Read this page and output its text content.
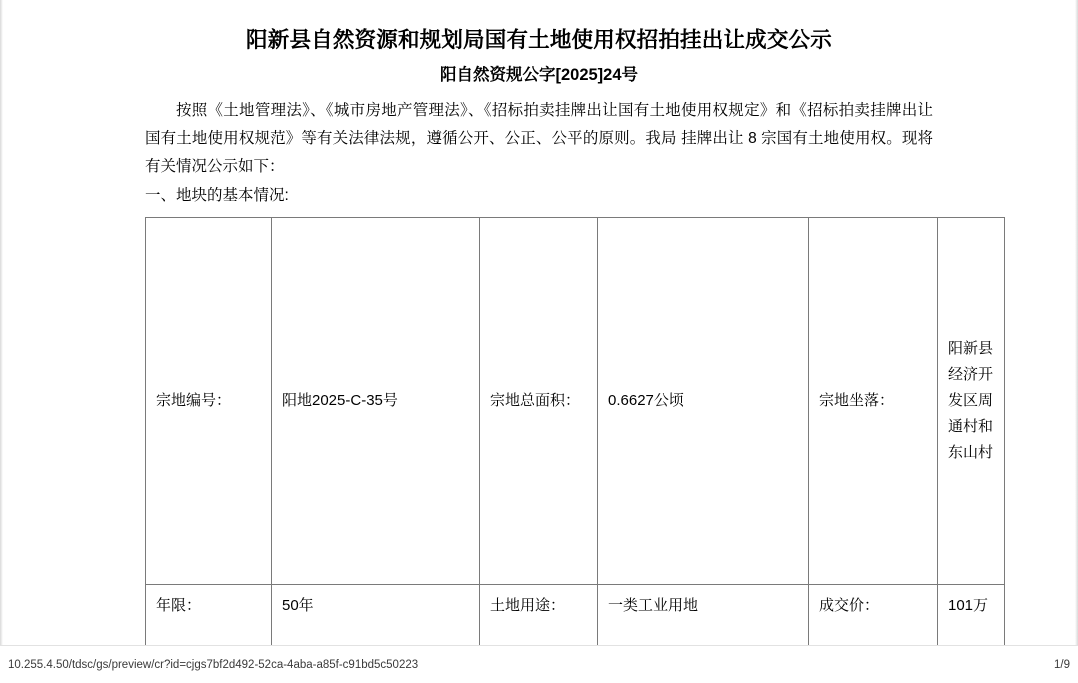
阳新县自然资源和规划局国有土地使用权招拍挂出让成交公示
阳自然资规公字[2025]24号
按照《土地管理法》、《城市房地产管理法》、《招标拍卖挂牌出让国有土地使用权规定》和《招标拍卖挂牌出让国有土地使用权规范》等有关法律法规，遵循公开、公正、公平的原则。我局 挂牌出让 8 宗国有土地使用权。现将有关情况公示如下：
一、地块的基本情况:
宗地编号：	阳地2025-C-35号	宗地总面积：	0.6627公顷	宗地坐落：	阳新县经济开发区周通村和东山村
年限：	50年	土地用途：	一类工业用地	成交价：	101万
10.255.4.50/tdsc/gs/preview/cr?id=cjgs7bf2d492-52ca-4aba-a85f-c91bd5c50223	1/9
